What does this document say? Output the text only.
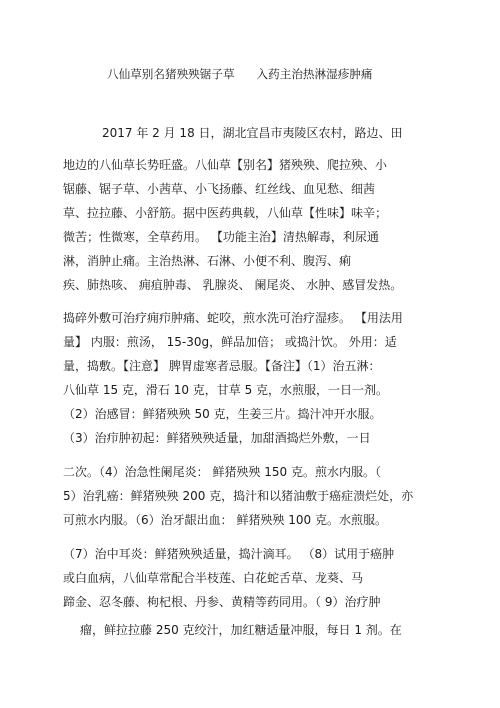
八仙草别名猪殃殃锯子草 入药主治热淋湿疹肿痛
2017 年 2 月 18 日，湖北宜昌市夷陵区农村，路边、田
地边的八仙草长势旺盛。八仙草【别名】猪殃殃、爬拉殃、小
锯藤、锯子草、小茜草、小飞扬藤、红丝线、血见愁、细茜
草、拉拉藤、小舒筋。据中医药典载，八仙草【性味】味辛；
微苦；性微寒，全草药用。 【功能主治】清热解毒，利尿通
淋，消肿止痛。主治热淋、石淋、小便不利、腹泻、痢
疾、肺热咳、 痈疽肿毒、 乳腺炎、 阑尾炎、 水肿、感冒发热。
捣碎外敷可治疗痈疖肿痛、蛇咬，煎水洗可治疗湿疹。 【用法用
量】 内服：煎汤， 15-30g，鲜品加倍； 或捣汁饮。 外用：适
量，捣敷。【注意】 脾胃虚寒者忌服。【备注】（1）治五淋：
八仙草 15 克，滑石 10 克，甘草 5 克，水煎服，一日一剂。
（2）治感冒：鲜猪殃殃 50 克，生姜三片。捣汁冲开水服。
（3）治疖肿初起：鲜猪殃殃适量，加甜酒捣烂外敷，一日
二次。（4）治急性阑尾炎： 鲜猪殃殃 150 克。煎水内服。（
5）治乳癌：鲜猪殃殃 200 克，捣汁和以猪油敷于癌症溃烂处，亦
可煎水内服。（6）治牙龈出血： 鲜猪殃殃 100 克。水煎服。
（7）治中耳炎：鲜猪殃殃适量，捣汁滴耳。 （8）试用于癌肿
或白血病，八仙草常配合半枝莲、白花蛇舌草、龙葵、马
蹄金、忍冬藤、枸杞根、丹参、黄精等药同用。（ 9）治疗肿
瘤，鲜拉拉藤 250 克绞汁，加红糖适量冲服，每日 1 剂。在
